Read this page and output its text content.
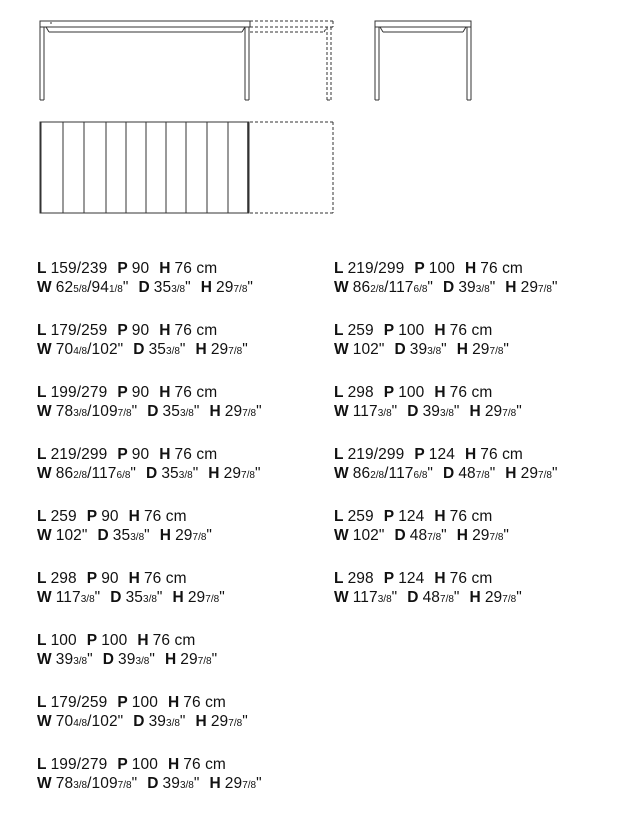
L 159/239 P 90 H 76 cm
W 625/8/941/8" D 353/8" H 297/8"
L 179/259 P 90 H 76 cm
W 704/8/102" D 353/8" H 297/8"
L 199/279 P 90 H 76 cm
W 783/8/1097/8" D 353/8" H 297/8"
L 219/299 P 90 H 76 cm
W 862/8/1176/8" D 353/8" H 297/8"
L 259 P 90 H 76 cm
W 102" D 353/8" H 297/8"
L 298 P 90 H 76 cm
W 1173/8" D 353/8" H 297/8"
L 100 P 100 H 76 cm
W 393/8" D 393/8" H 297/8"
L 179/259 P 100 H 76 cm
W 704/8/102" D 393/8" H 297/8"
L 199/279 P 100 H 76 cm
W 783/8/1097/8" D 393/8" H 297/8"
L 219/299 P 100 H 76 cm
W 862/8/1176/8" D 393/8" H 297/8"
L 259 P 100 H 76 cm
W 102" D 393/8" H 297/8"
L 298 P 100 H 76 cm
W 1173/8" D 393/8" H 297/8"
L 219/299 P 124 H 76 cm
W 862/8/1176/8" D 487/8" H 297/8"
L 259 P 124 H 76 cm
W 102" D 487/8" H 297/8"
L 298 P 124 H 76 cm
W 1173/8" D 487/8" H 297/8"
